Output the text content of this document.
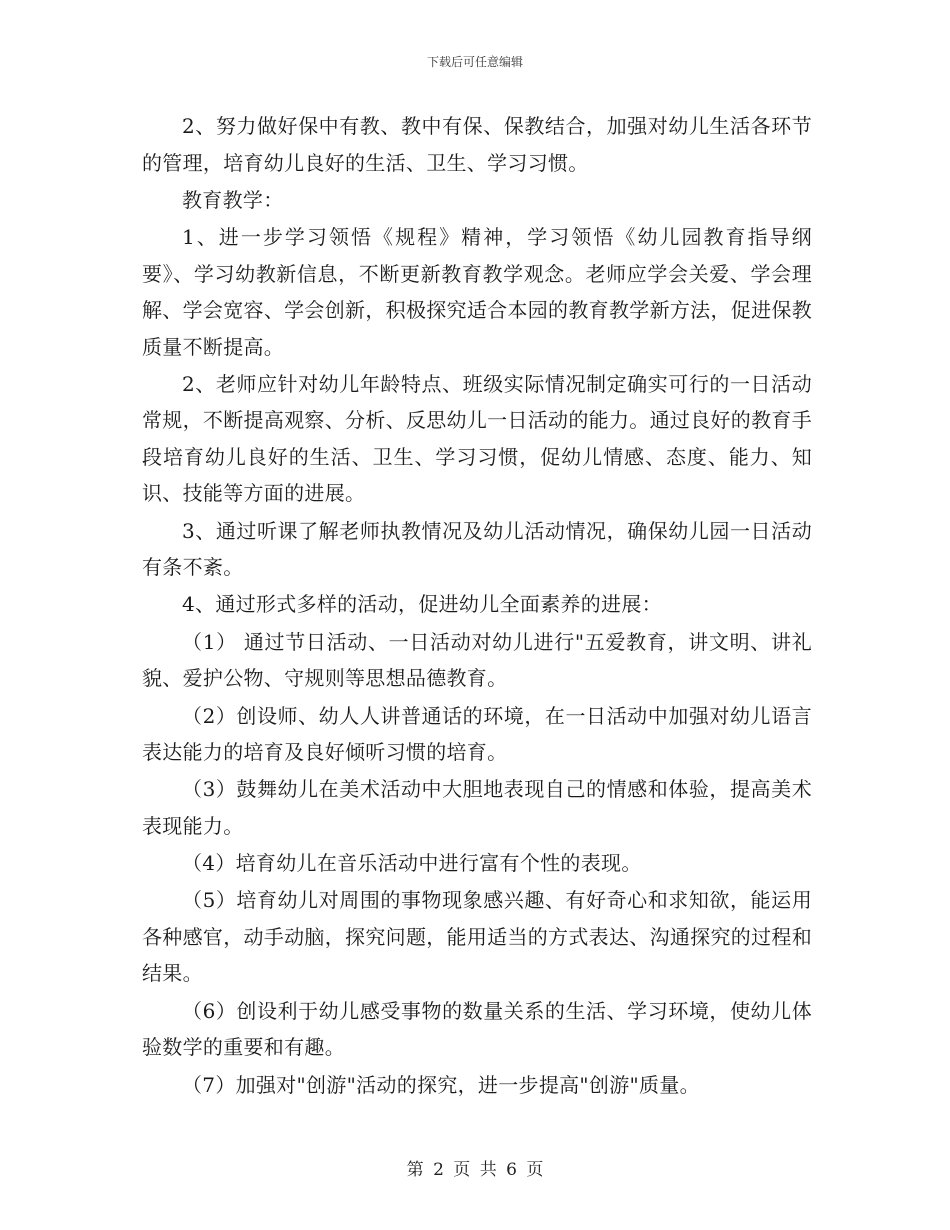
下载后可任意编辑

2、努力做好保中有教、教中有保、保教结合，加强对幼儿生活各环节的管理，培育幼儿良好的生活、卫生、学习习惯。

教育教学：

1、进一步学习领悟《规程》精神，学习领悟《幼儿园教育指导纲要》、学习幼教新信息，不断更新教育教学观念。老师应学会关爱、学会理解、学会宽容、学会创新，积极探究适合本园的教育教学新方法，促进保教质量不断提高。

2、老师应针对幼儿年龄特点、班级实际情况制定确实可行的一日活动常规，不断提高观察、分析、反思幼儿一日活动的能力。通过良好的教育手段培育幼儿良好的生活、卫生、学习习惯，促幼儿情感、态度、能力、知识、技能等方面的进展。

3、通过听课了解老师执教情况及幼儿活动情况，确保幼儿园一日活动有条不紊。

4、通过形式多样的活动，促进幼儿全面素养的进展：

（1） 通过节日活动、一日活动对幼儿进行"五爱教育，讲文明、讲礼貌、爱护公物、守规则等思想品德教育。

（2）创设师、幼人人讲普通话的环境，在一日活动中加强对幼儿语言表达能力的培育及良好倾听习惯的培育。

（3）鼓舞幼儿在美术活动中大胆地表现自己的情感和体验，提高美术表现能力。

（4）培育幼儿在音乐活动中进行富有个性的表现。

（5）培育幼儿对周围的事物现象感兴趣、有好奇心和求知欲，能运用各种感官，动手动脑，探究问题，能用适当的方式表达、沟通探究的过程和结果。

（6）创设利于幼儿感受事物的数量关系的生活、学习环境，使幼儿体验数学的重要和有趣。

（7）加强对"创游"活动的探究，进一步提高"创游"质量。

第 2 页 共 6 页
